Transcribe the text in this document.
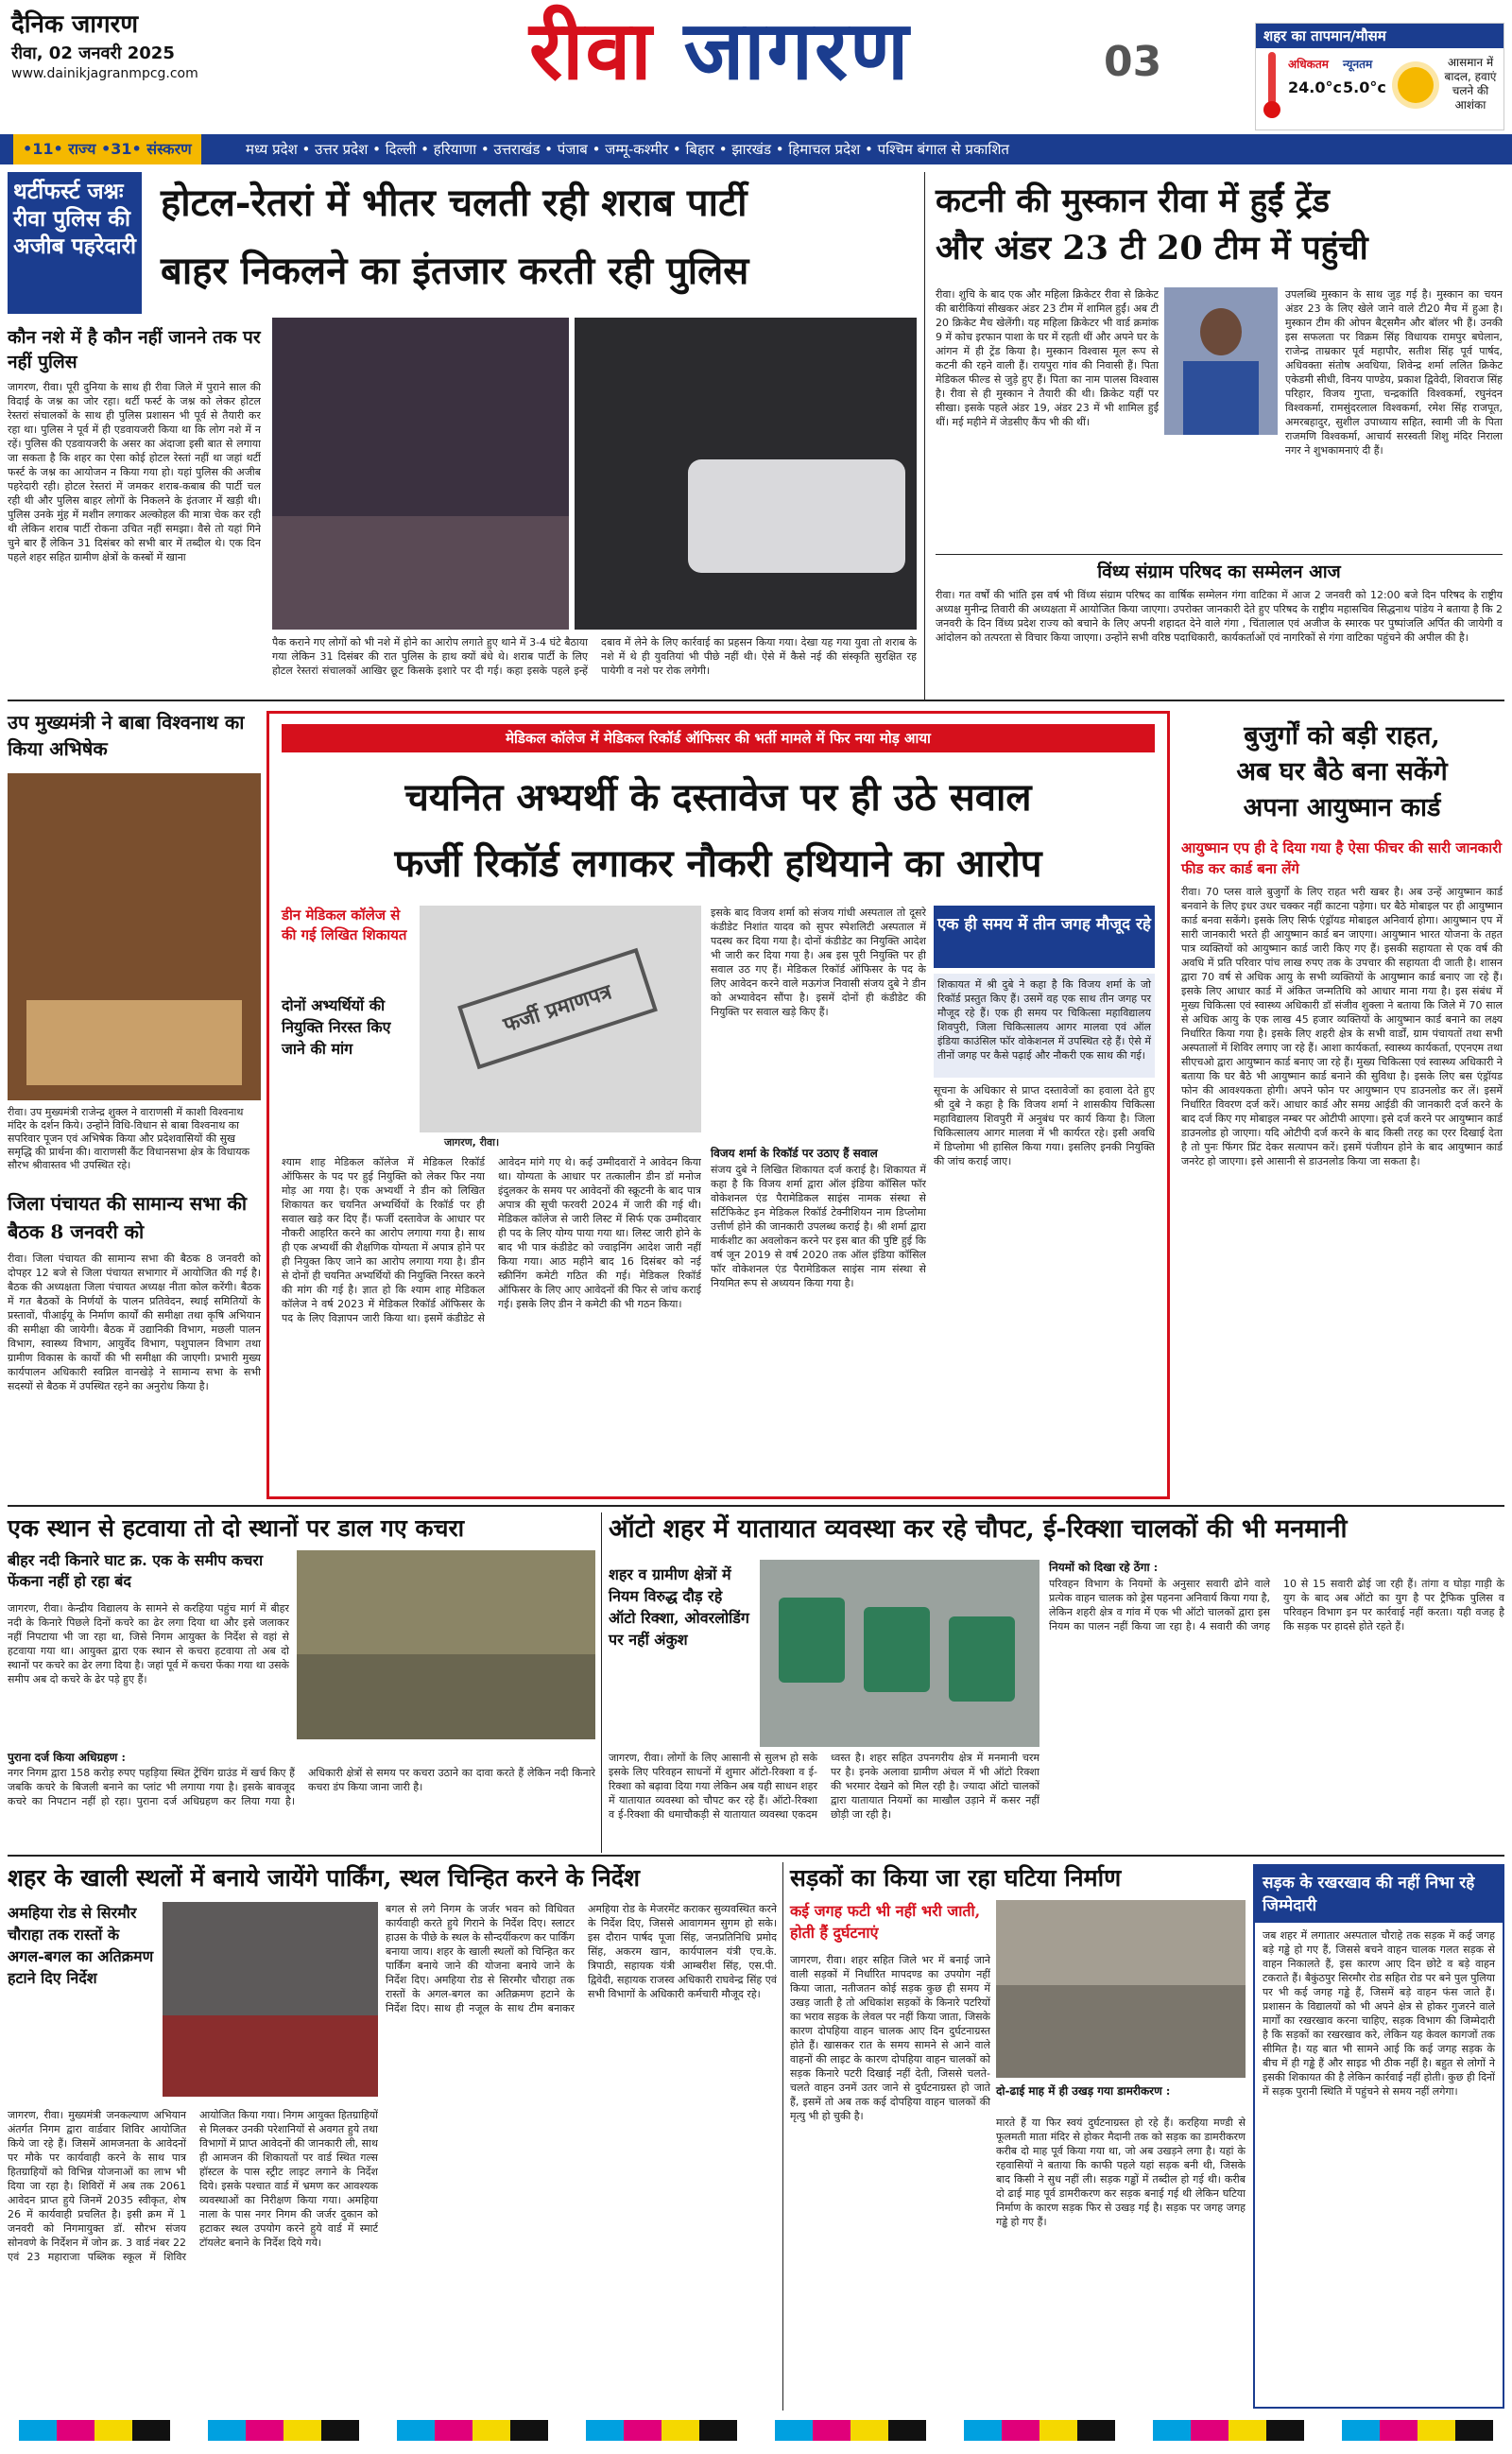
दैनिक जागरण
रीवा, 02 जनवरी 2025
www.dainikjagranmpcg.com	रीवा जागरण	03
शहर का तापमान/मौसम
अधिकतम न्यूनतम
24.0°c 5.0°c
आसमान में बादल, हवाएं चलने की आशंका
•11• राज्य •31• संस्करण	मध्य प्रदेश • उत्तर प्रदेश • दिल्ली • हरियाणा • उत्तराखंड • पंजाब • जम्मू-कश्मीर • बिहार • झारखंड • हिमाचल प्रदेश • पश्चिम बंगाल से प्रकाशित
थर्टीफर्स्ट जश्नः रीवा पुलिस की अजीब पहरेदारी
होटल-रेतरां में भीतर चलती रही शराब पार्टी
बाहर निकलने का इंतजार करती रही पुलिस
कौन नशे में है कौन नहीं जानने तक पर नहीं पुलिस
जागरण, रीवा। पूरी दुनिया के साथ ही रीवा जिले में पुराने साल की विदाई के जश्न का जोर रहा। थर्टी फर्स्ट के जश्न को लेकर होटल रेस्तरां संचालकों के साथ ही पुलिस प्रशासन भी पूर्व से तैयारी कर रहा था। पुलिस ने पूर्व में ही एडवायजरी किया था कि लोग नशे में न रहें। पुलिस की एडवायजरी के असर का अंदाजा इसी बात से लगाया जा सकता है कि शहर का ऐसा कोई होटल रेस्तां नहीं था जहां थर्टी फर्स्ट के जश्न का आयोजन न किया गया हो। यहां पुलिस की अजीब पहरेदारी रही। होटल रेस्तरां में जमकर शराब-कबाब की पार्टी चल रही थी और पुलिस बाहर लोगों के निकलने के इंतजार में खड़ी थी। पुलिस उनके मुंह में मशीन लगाकर अल्कोहल की मात्रा चेक कर रही थी लेकिन शराब पार्टी रोकना उचित नहीं समझा। वैसे तो यहां गिने चुने बार हैं लेकिन 31 दिसंबर को सभी बार में तब्दील थे। एक दिन पहले शहर सहित ग्रामीण क्षेत्रों के कस्बों में खाना
पैक कराने गए लोगों को भी नशे में होने का आरोप लगाते हुए थाने में 3-4 घंटे बैठाया गया लेकिन 31 दिसंबर की रात पुलिस के हाथ क्यों बंधे थे। शराब पार्टी के लिए होटल रेस्तरां संचालकों आखिर छूट किसके इशारे पर दी गई। कहा इसके पहले इन्हें दबाव में लेने के लिए कार्रवाई का प्रहसन किया गया। देखा यह गया युवा तो शराब के नशे में थे ही युवतियां भी पीछे नहीं थी। ऐसे में कैसे नई की संस्कृति सुरक्षित रह पायेगी व नशे पर रोक लगेगी।
कटनी की मुस्कान रीवा में हुईं ट्रेंड
और अंडर 23 टी 20 टीम में पहुंची
रीवा। शुचि के बाद एक और महिला क्रिकेटर रीवा से क्रिकेट की बारीकियां सीखकर अंडर 23 टीम में शामिल हुईं। अब टी 20 क्रिकेट मैच खेलेंगी। यह महिला क्रिकेटर भी वार्ड क्रमांक 9 में कोच इरफान पाशा के घर में रहती थीं और अपने घर के आंगन में ही ट्रेंड किया है। मुस्कान विश्वास मूल रूप से कटनी की रहने वाली हैं। रायपुरा गांव की निवासी हैं। पिता मेडिकल फील्ड से जुड़े हुए हैं। पिता का नाम पालस विश्वास है। रीवा से ही मुस्कान ने तैयारी की थी। क्रिकेट यहीं पर सीखा। इसके पहले अंडर 19, अंडर 23 में भी शामिल हुईं थीं। मई महीने में जेडसीए कैंप भी की थीं।
उपलब्धि मुस्कान के साथ जुड़ गई है। मुस्कान का चयन अंडर 23 के लिए खेले जाने वाले टी20 मैच में हुआ है। मुस्कान टीम की ओपन बैट्समैन और बॉलर भी हैं। उनकी इस सफलता पर विक्रम सिंह विधायक रामपुर बघेलान, राजेन्द्र ताम्रकार पूर्व महापौर, सतीश सिंह पूर्व पार्षद, अधिवक्ता संतोष अवधिया, शिवेन्द्र शर्मा ललित क्रिकेट एकेडमी सीधी, विनय पाण्डेय, प्रकाश द्विवेदी, शिवराज सिंह परिहार, विजय गुप्ता, चन्द्रकांति विश्वकर्मा, रघुनंदन विश्वकर्मा, रामसुंदरलाल विश्वकर्मा, रमेश सिंह राजपूत, अमरबहादुर, सुशील उपाध्याय सहित, स्वामी जी के पिता राजमणि विश्वकर्मा, आचार्य सरस्वती शिशु मंदिर निराला नगर ने शुभकामनाएं दी हैं।
विंध्य संग्राम परिषद का सम्मेलन आज
रीवा। गत वर्षों की भांति इस वर्ष भी विंध्य संग्राम परिषद का वार्षिक सम्मेलन गंगा वाटिका में आज 2 जनवरी को 12:00 बजे दिन परिषद के राष्ट्रीय अध्यक्ष मुनीन्द्र तिवारी की अध्यक्षता में आयोजित किया जाएगा। उपरोक्त जानकारी देते हुए परिषद के राष्ट्रीय महासचिव सिद्धनाथ पांडेय ने बताया है कि 2 जनवरी के दिन विंध्य प्रदेश राज्य को बचाने के लिए अपनी शहादत देने वाले गंगा , चिंतालाल एवं अजीज के स्मारक पर पुष्पांजलि अर्पित की जायेगी व आंदोलन को तत्परता से विचार किया जाएगा। उन्होंने सभी वरिष्ठ पदाधिकारी, कार्यकर्ताओं एवं नागरिकों से गंगा वाटिका पहुंचने की अपील की है।
उप मुख्यमंत्री ने बाबा विश्वनाथ का किया अभिषेक
रीवा। उप मुख्यमंत्री राजेन्द्र शुक्ल ने वाराणसी में काशी विश्वनाथ मंदिर के दर्शन किये। उन्होंने विधि-विधान से बाबा विश्वनाथ का सपरिवार पूजन एवं अभिषेक किया और प्रदेशवासियों की सुख समृद्धि की प्रार्थना की। वाराणसी कैंट विधानसभा क्षेत्र के विधायक सौरभ श्रीवास्तव भी उपस्थित रहे।
जिला पंचायत की सामान्य सभा की बैठक 8 जनवरी को
रीवा। जिला पंचायत की सामान्य सभा की बैठक 8 जनवरी को दोपहर 12 बजे से जिला पंचायत सभागार में आयोजित की गई है। बैठक की अध्यक्षता जिला पंचायत अध्यक्ष नीता कोल करेंगी। बैठक में गत बैठकों के निर्णयों के पालन प्रतिवेदन, स्थाई समितियों के प्रस्तावों, पीआईयू के निर्माण कार्यों की समीक्षा तथा कृषि अभियान की समीक्षा की जायेगी। बैठक में उद्यानिकी विभाग, मछली पालन विभाग, स्वास्थ्य विभाग, आयुर्वेद विभाग, पशुपालन विभाग तथा ग्रामीण विकास के कार्यों की भी समीक्षा की जाएगी। प्रभारी मुख्य कार्यपालन अधिकारी स्वप्निल वानखेड़े ने सामान्य सभा के सभी सदस्यों से बैठक में उपस्थित रहने का अनुरोध किया है।
मेडिकल कॉलेज में मेडिकल रिकॉर्ड ऑफिसर की भर्ती मामले में फिर नया मोड़ आया
चयनित अभ्यर्थी के दस्तावेज पर ही उठे सवाल
फर्जी रिकॉर्ड लगाकर नौकरी हथियाने का आरोप
डीन मेडिकल कॉलेज से की गई लिखित शिकायत
दोनों अभ्यर्थियों की नियुक्ति निरस्त किए जाने की मांग
फर्जी प्रमाणपत्र
जागरण, रीवा।
श्याम शाह मेडिकल कॉलेज में मेडिकल रिकॉर्ड ऑफिसर के पद पर हुई नियुक्ति को लेकर फिर नया मोड़ आ गया है। एक अभ्यर्थी ने डीन को लिखित शिकायत कर चयनित अभ्यर्थियों के रिकॉर्ड पर ही सवाल खड़े कर दिए हैं। फर्जी दस्तावेज के आधार पर नौकरी आहरित करने का आरोप लगाया गया है। साथ ही एक अभ्यर्थी की शैक्षणिक योग्यता में अपात्र होने पर ही नियुक्त किए जाने का आरोप लगाया गया है। डीन से दोनों ही चयनित अभ्यर्थियों की नियुक्ति निरस्त करने की मांग की गई है। ज्ञात हो कि श्याम शाह मेडिकल कॉलेज ने वर्ष 2023 में मेडिकल रिकॉर्ड ऑफिसर के पद के लिए विज्ञापन जारी किया था। इसमें कंडीडेट से आवेदन मांगे गए थे। कई उम्मीदवारों ने आवेदन किया था। योग्यता के आधार पर तत्कालीन डीन डॉ मनोज इंदुलकर के समय पर आवेदनों की स्क्रूटनी के बाद पात्र अपात्र की सूची फरवरी 2024 में जारी की गई थी। मेडिकल कॉलेज से जारी लिस्ट में सिर्फ एक उम्मीदवार ही पद के लिए योग्य पाया गया था। लिस्ट जारी होने के बाद भी पात्र कंडीडेट को ज्वाइनिंग आदेश जारी नहीं किया गया। आठ महीने बाद 16 दिसंबर को नई स्क्रीनिंग कमेटी गठित की गई। मेडिकल रिकॉर्ड ऑफिसर के लिए आए आवेदनों की फिर से जांच कराई गई। इसके लिए डीन ने कमेटी की भी गठन किया।
इसके बाद विजय शर्मा को संजय गांधी अस्पताल तो दूसरे कंडीडेट निशांत यादव को सुपर स्पेशलिटी अस्पताल में पदस्थ कर दिया गया है। दोनों कंडीडेट का नियुक्ति आदेश भी जारी कर दिया गया है। अब इस पूरी नियुक्ति पर ही सवाल उठ गए हैं। मेडिकल रिकॉर्ड ऑफिसर के पद के लिए आवेदन करने वाले मऊगंज निवासी संजय दुबे ने डीन को अभ्यावेदन सौंपा है। इसमें दोनों ही कंडीडेट की नियुक्ति पर सवाल खड़े किए हैं।
विजय शर्मा के रिकॉर्ड पर उठाए हैं सवाल
संजय दुबे ने लिखित शिकायत दर्ज कराई है। शिकायत में कहा है कि विजय शर्मा द्वारा ऑल इंडिया कॉसिल फॉर वोकेशनल एंड पैरामेडिकल साइंस नामक संस्था से सर्टिफिकेट इन मेडिकल रिकॉर्ड टेक्नीशियन नाम डिप्लोमा उत्तीर्ण होने की जानकारी उपलब्ध कराई है। श्री शर्मा द्वारा मार्कशीट का अवलोकन करने पर इस बात की पुष्टि हुई कि वर्ष जून 2019 से वर्ष 2020 तक ऑल इंडिया कॉसिल फॉर वोकेशनल एंड पैरामेडिकल साइंस नाम संस्था से नियमित रूप से अध्ययन किया गया है।
एक ही समय में तीन जगह मौजूद रहे
शिकायत में श्री दुबे ने कहा है कि विजय शर्मा के जो रिकॉर्ड प्रस्तुत किए हैं। उसमें वह एक साथ तीन जगह पर मौजूद रहे हैं। एक ही समय पर चिकित्सा महाविद्यालय शिवपुरी, जिला चिकित्सालय आगर मालवा एवं ऑल इंडिया काउंसिल फॉर वोकेशनल में उपस्थित रहे हैं। ऐसे में तीनों जगह पर कैसे पढ़ाई और नौकरी एक साथ की गई।
सूचना के अधिकार से प्राप्त दस्तावेजों का हवाला देते हुए श्री दुबे ने कहा है कि विजय शर्मा ने शासकीय चिकित्सा महाविद्यालय शिवपुरी में अनुबंध पर कार्य किया है। जिला चिकित्सालय आगर मालवा में भी कार्यरत रहे। इसी अवधि में डिप्लोमा भी हासिल किया गया। इसलिए इनकी नियुक्ति की जांच कराई जाए।
बुजुर्गों को बड़ी राहत,
अब घर बैठे बना सकेंगे
अपना आयुष्मान कार्ड
आयुष्मान एप ही दे दिया गया है ऐसा फीचर की सारी जानकारी फीड कर कार्ड बना लेंगे
रीवा। 70 प्लस वाले बुजुर्गों के लिए राहत भरी खबर है। अब उन्हें आयुष्मान कार्ड बनवाने के लिए इधर उधर चक्कर नहीं काटना पड़ेगा। घर बैठे मोबाइल पर ही आयुष्मान कार्ड बनवा सकेंगे। इसके लिए सिर्फ एंड्रॉयड मोबाइल अनिवार्य होगा। आयुष्मान एप में सारी जानकारी भरते ही आयुष्मान कार्ड बन जाएगा। आयुष्मान भारत योजना के तहत पात्र व्यक्तियों को आयुष्मान कार्ड जारी किए गए हैं। इसकी सहायता से एक वर्ष की अवधि में प्रति परिवार पांच लाख रुपए तक के उपचार की सहायता दी जाती है। शासन द्वारा 70 वर्ष से अधिक आयु के सभी व्यक्तियों के आयुष्मान कार्ड बनाए जा रहे हैं। इसके लिए आधार कार्ड में अंकित जन्मतिथि को आधार माना गया है। इस संबंध में मुख्य चिकित्सा एवं स्वास्थ्य अधिकारी डॉ संजीव शुक्ला ने बताया कि जिले में 70 साल से अधिक आयु के एक लाख 45 हजार व्यक्तियों के आयुष्मान कार्ड बनाने का लक्ष्य निर्धारित किया गया है। इसके लिए शहरी क्षेत्र के सभी वार्डों, ग्राम पंचायतों तथा सभी अस्पतालों में शिविर लगाए जा रहे हैं। आशा कार्यकर्ता, स्वास्थ्य कार्यकर्ता, एएनएम तथा सीएचओ द्वारा आयुष्मान कार्ड बनाए जा रहे हैं। मुख्य चिकित्सा एवं स्वास्थ्य अधिकारी ने बताया कि घर बैठे भी आयुष्मान कार्ड बनाने की सुविधा है। इसके लिए बस एंड्रॉयड फोन की आवश्यकता होगी। अपने फोन पर आयुष्मान एप डाउनलोड कर लें। इसमें निर्धारित विवरण दर्ज करें। आधार कार्ड और समग्र आईडी की जानकारी दर्ज करने के बाद दर्ज किए गए मोबाइल नम्बर पर ओटीपी आएगा। इसे दर्ज करने पर आयुष्मान कार्ड डाउनलोड हो जाएगा। यदि ओटीपी दर्ज करने के बाद किसी तरह का एरर दिखाई देता है तो पुनः फिंगर प्रिंट देकर सत्यापन करें। इसमें पंजीयन होने के बाद आयुष्मान कार्ड जनरेट हो जाएगा। इसे आसानी से डाउनलोड किया जा सकता है।
एक स्थान से हटवाया तो दो स्थानों पर डाल गए कचरा
बीहर नदी किनारे घाट क्र. एक के समीप कचरा फेंकना नहीं हो रहा बंद
जागरण, रीवा। केन्द्रीय विद्यालय के सामने से करहिया पहुंच मार्ग में बीहर नदी के किनारे पिछले दिनों कचरे का ढेर लगा दिया था और इसे जलाकर नहीं निपटाया भी जा रहा था, जिसे निगम आयुक्त के निर्देश से वहां से हटवाया गया था। आयुक्त द्वारा एक स्थान से कचरा हटवाया तो अब दो स्थानों पर कचरे का ढेर लगा दिया है। जहां पूर्व में कचरा फेंका गया था उसके समीप अब दो कचरे के ढेर पड़े हुए हैं।
पुराना दर्ज किया अधिग्रहण :
नगर निगम द्वारा 158 करोड़ रुपए पहड़िया स्थित ट्रेंचिंग ग्राउंड में खर्च किए हैं जबकि कचरे के बिजली बनाने का प्लांट भी लगाया गया है। इसके बावजूद कचरे का निपटान नहीं हो रहा। पुराना दर्ज अधिग्रहण कर लिया गया है। अधिकारी क्षेत्रों से समय पर कचरा उठाने का दावा करते हैं लेकिन नदी किनारे कचरा डंप किया जाना जारी है।
ऑटो शहर में यातायात व्यवस्था कर रहे चौपट, ई-रिक्शा चालकों की भी मनमानी
शहर व ग्रामीण क्षेत्रों में नियम विरुद्ध दौड़ रहे ऑटो रिक्शा, ओवरलोडिंग पर नहीं अंकुश
जागरण, रीवा। लोगों के लिए आसानी से सुलभ हो सके इसके लिए परिवहन साधनों में शुमार ऑटो-रिक्शा व ई-रिक्शा को बढ़ावा दिया गया लेकिन अब यही साधन शहर में यातायात व्यवस्था को चौपट कर रहे हैं। ऑटो-रिक्शा व ई-रिक्शा की धमाचौकड़ी से यातायात व्यवस्था एकदम ध्वस्त है। शहर सहित उपनगरीय क्षेत्र में मनमानी चरम पर है। इनके अलावा ग्रामीण अंचल में भी ऑटो रिक्शा की भरमार देखने को मिल रही है। ज्यादा ऑटो चालकों द्वारा यातायात नियमों का माखौल उड़ाने में कसर नहीं छोड़ी जा रही है।
नियमों को दिखा रहे ठेंगा :
परिवहन विभाग के नियमों के अनुसार सवारी ढोने वाले प्रत्येक वाहन चालक को ड्रेस पहनना अनिवार्य किया गया है, लेकिन शहरी क्षेत्र व गांव में एक भी ऑटो चालकों द्वारा इस नियम का पालन नहीं किया जा रहा है। 4 सवारी की जगह 10 से 15 सवारी ढोई जा रही हैं। तांगा व घोड़ा गाड़ी के युग के बाद अब ऑटो का युग है पर ट्रैफिक पुलिस व परिवहन विभाग इन पर कार्रवाई नहीं करता। यही वजह है कि सड़क पर हादसे होते रहते हैं।
शहर के खाली स्थलों में बनाये जायेंगे पार्किंग, स्थल चिन्हित करने के निर्देश
अमहिया रोड से सिरमौर चौराहा तक रास्तों के अगल-बगल का अतिक्रमण हटाने दिए निर्देश
जागरण, रीवा। मुख्यमंत्री जनकल्याण अभियान अंतर्गत निगम द्वारा वार्डवार शिविर आयोजित किये जा रहे हैं। जिसमें आमजनता के आवेदनों पर मौके पर कार्यवाही करने के साथ पात्र हितग्राहियों को विभिन्न योजनाओं का लाभ भी दिया जा रहा है। शिविरों में अब तक 2061 आवेदन प्राप्त हुये जिनमें 2035 स्वीकृत, शेष 26 में कार्यवाही प्रचलित है। इसी क्रम में 1 जनवरी को निगमायुक्त डॉ. सौरभ संजय सोनवणे के निर्देशन में जोन क्र. 3 वार्ड नंबर 22 एवं 23 महाराजा पब्लिक स्कूल में शिविर आयोजित किया गया। निगम आयुक्त हितग्राहियों से मिलकर उनकी परेशानियों से अवगत हुये तथा विभागों में प्राप्त आवेदनों की जानकारी ली, साथ ही आमजन की शिकायतों पर वार्ड स्थित गल्स हॉस्टल के पास स्ट्रीट लाइट लगाने के निर्देश दिये। इसके पश्चात वार्ड में भ्रमण कर आवश्यक व्यवस्थाओं का निरीक्षण किया गया। अमहिया नाला के पास नगर निगम की जर्जर दुकान को हटाकर स्थल उपयोग करने हुये वार्ड में स्मार्ट टॉयलेट बनाने के निर्देश दिये गये।
बगल से लगे निगम के जर्जर भवन को विधिवत कार्यवाही करते हुये गिराने के निर्देश दिए। स्लाटर हाउस के पीछे के स्थल के सौन्दर्यीकरण कर पार्किंग बनाया जाय। शहर के खाली स्थलों को चिन्हित कर पार्किंग बनाये जाने की योजना बनाये जाने के निर्देश दिए। अमहिया रोड से सिरमौर चौराहा तक रास्तों के अगल-बगल का अतिक्रमण हटाने के निर्देश दिए। साथ ही नजूल के साथ टीम बनाकर अमहिया रोड के मेजरमेंट कराकर सुव्यवस्थित करने के निर्देश दिए, जिससे आवागमन सुगम हो सके। इस दौरान पार्षद पूजा सिंह, जनप्रतिनिधि प्रमोद सिंह, अकरम खान, कार्यपालन यंत्री एच.के. त्रिपाठी, सहायक यंत्री आम्बरीश सिंह, एस.पी. द्विवेदी, सहायक राजस्व अधिकारी राघवेन्द्र सिंह एवं सभी विभागों के अधिकारी कर्मचारी मौजूद रहे।
सड़कों का किया जा रहा घटिया निर्माण
कई जगह फटी भी नहीं भरी जाती, होती हैं दुर्घटनाएं
जागरण, रीवा। शहर सहित जिले भर में बनाई जाने वाली सड़कों में निर्धारित मापदण्ड का उपयोग नहीं किया जाता, नतीजतन कोई सड़क कुछ ही समय में उखड़ जाती है तो अधिकांश सड़कों के किनारे पटरियों का भराव सड़क के लेवल पर नहीं किया जाता, जिसके कारण दोपहिया वाहन चालक आए दिन दुर्घटनाग्रस्त होते हैं। खासकर रात के समय सामने से आने वाले वाहनों की लाइट के कारण दोपहिया वाहन चालकों को सड़क किनारे पटरी दिखाई नहीं देती, जिससे चलते-चलते वाहन उनमें उतर जाने से दुर्घटनाग्रस्त हो जाते हैं, इसमें तो अब तक कई दोपहिया वाहन चालकों की मृत्यु भी हो चुकी है।
दो-ढाई माह में ही उखड़ गया डामरीकरण :
मारते हैं या फिर स्वयं दुर्घटनाग्रस्त हो रहे हैं। करहिया मण्डी से फूलमती माता मंदिर से होकर मैदानी तक को सड़क का डामरीकरण करीब दो माह पूर्व किया गया था, जो अब उखड़ने लगा है। यहां के रहवासियों ने बताया कि काफी पहले यहां सड़क बनी थी, जिसके बाद किसी ने सुध नहीं ली। सड़क गड्ढों में तब्दील हो गई थी। करीब दो ढाई माह पूर्व डामरीकरण कर सड़क बनाई गई थी लेकिन घटिया निर्माण के कारण सड़क फिर से उखड़ गई है। सड़क पर जगह जगह गड्ढे हो गए हैं।
सड़क के रखरखाव की नहीं निभा रहे जिम्मेदारी
जब शहर में लगातार अस्पताल चौराहे तक सड़क में कई जगह बड़े गड्ढे हो गए हैं, जिससे बचने वाहन चालक गलत सड़क से वाहन निकालते हैं, इस कारण आए दिन छोटे व बड़े वाहन टकराते हैं। बैकुंठपुर सिरमौर रोड सहित रोड पर बने पुल पुलिया पर भी कई जगह गड्ढे हैं, जिसमें बड़े वाहन फंस जाते हैं। प्रशासन के विद्यालयों को भी अपने क्षेत्र से होकर गुजरने वाले मार्गों का रखरखाव करना चाहिए, सड़क विभाग की जिम्मेदारी है कि सड़कों का रखरखाव करे, लेकिन यह केवल कागजों तक सीमित है। यह बात भी सामने आई कि कई जगह सड़क के बीच में ही गड्ढे हैं और साइड भी ठीक नहीं है। बहुत से लोगों ने इसकी शिकायत की है लेकिन कार्रवाई नहीं होती। कुछ ही दिनों में सड़क पुरानी स्थिति में पहुंचने से समय नहीं लगेगा।
